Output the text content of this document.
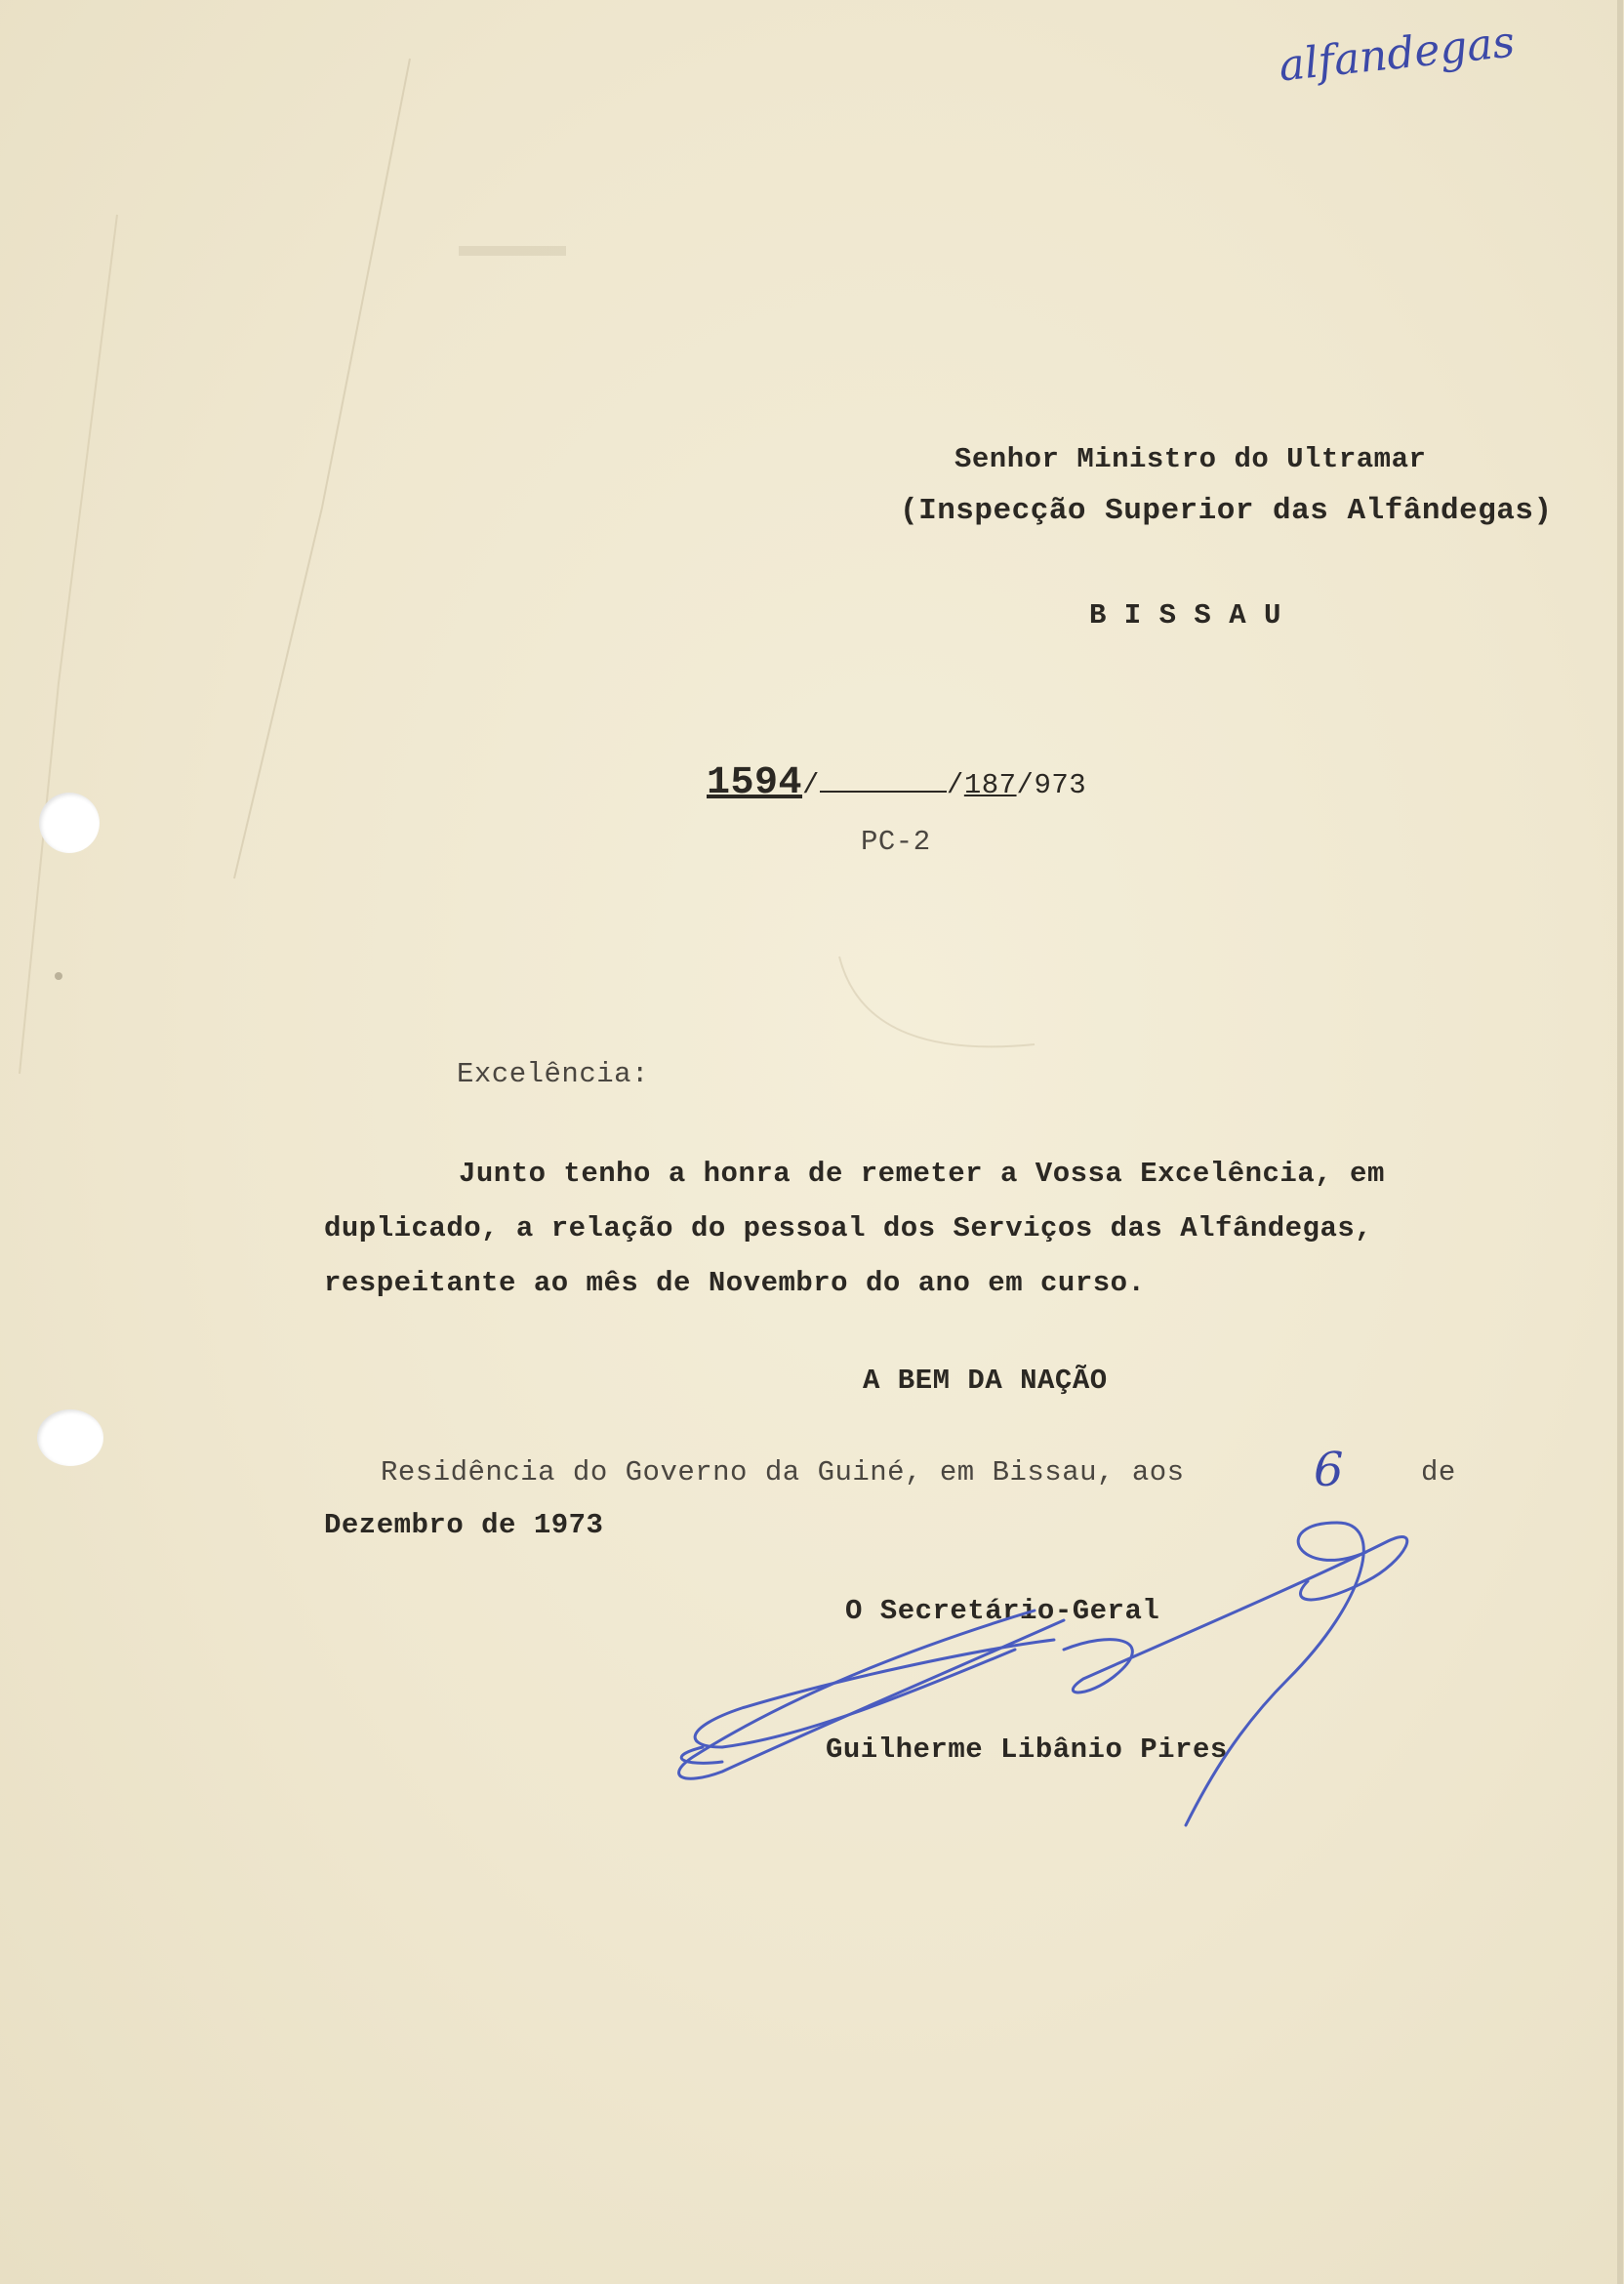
alfandegas
Senhor Ministro do Ultramar
(Inspecção Superior das Alfândegas)
B I S S A U
1594/	/187/973
PC-2
Excelência:
Junto tenho a honra de remeter a Vossa Excelência, em
duplicado, a relação do pessoal dos Serviços das Alfândegas,
respeitante ao mês de Novembro do ano em curso.
A BEM DA NAÇÃO
Residência do Governo da Guiné, em Bissau, aos	6	de
Dezembro de 1973
O Secretário-Geral
Guilherme Libânio Pires
